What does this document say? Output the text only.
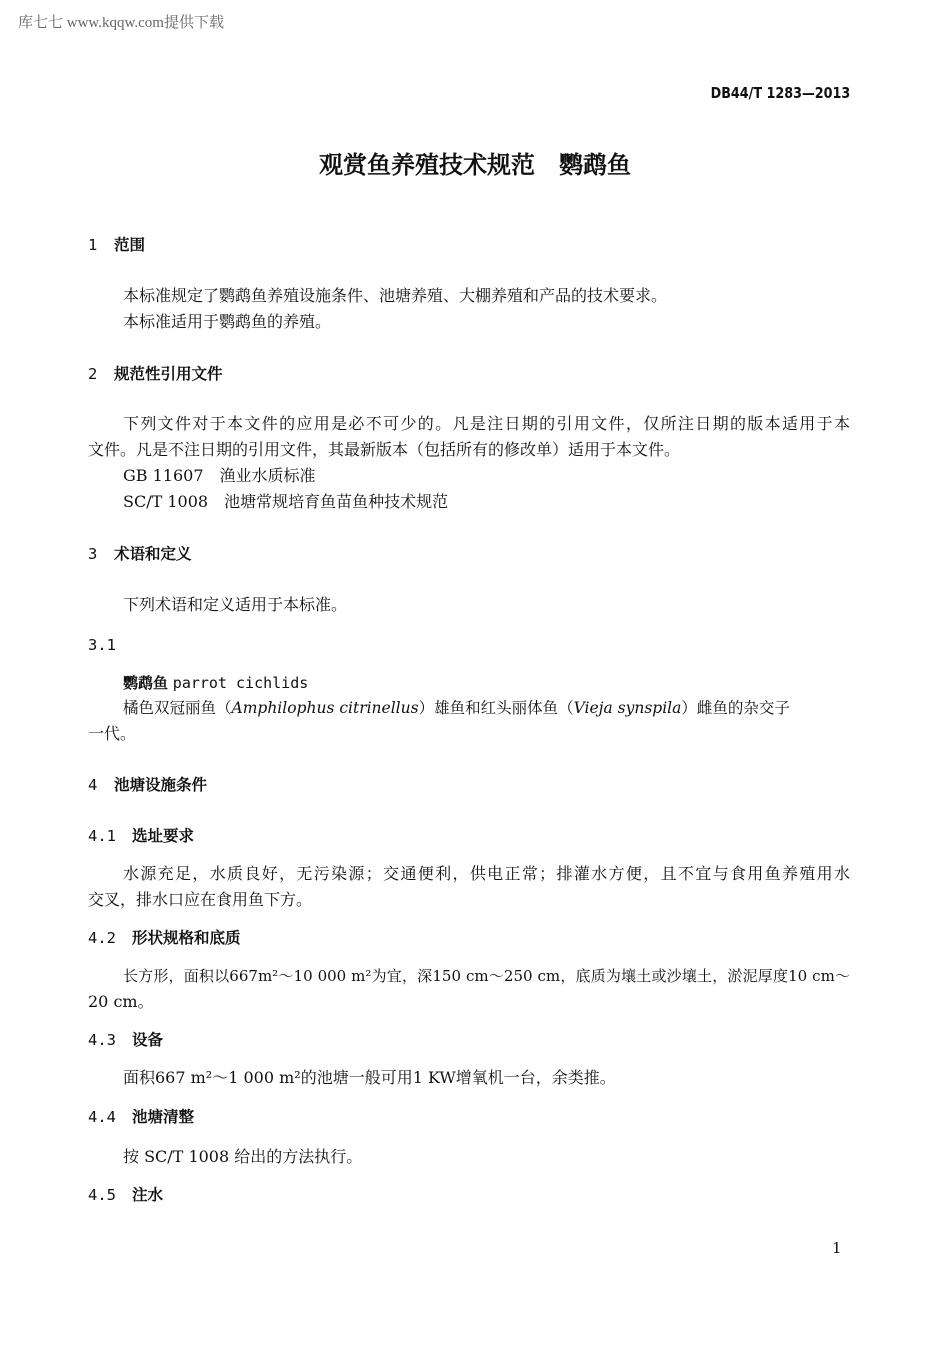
库七七 www.kqqw.com提供下载
DB44/T 1283—2013
观赏鱼养殖技术规范　鹦鹉鱼
1 范围
本标准规定了鹦鹉鱼养殖设施条件、池塘养殖、大棚养殖和产品的技术要求。
本标准适用于鹦鹉鱼的养殖。
2 规范性引用文件
下列文件对于本文件的应用是必不可少的。凡是注日期的引用文件，仅所注日期的版本适用于本
文件。凡是不注日期的引用文件，其最新版本（包括所有的修改单）适用于本文件。
GB 11607　渔业水质标准
SC/T 1008　池塘常规培育鱼苗鱼种技术规范
3 术语和定义
下列术语和定义适用于本标准。
3.1
鹦鹉鱼 parrot cichlids
橘色双冠丽鱼（Amphilophus citrinellus）雄鱼和红头丽体鱼（Vieja synspila）雌鱼的杂交子
一代。
4 池塘设施条件
4.1 选址要求
水源充足，水质良好，无污染源；交通便利，供电正常；排灌水方便，且不宜与食用鱼养殖用水
交叉，排水口应在食用鱼下方。
4.2 形状规格和底质
长方形，面积以667m²～10 000 m²为宜，深150 cm～250 cm，底质为壤土或沙壤土，淤泥厚度10 cm～
20 cm。
4.3 设备
面积667 m²～1 000 m²的池塘一般可用1 KW增氧机一台，余类推。
4.4 池塘清整
按 SC/T 1008 给出的方法执行。
4.5 注水
1
